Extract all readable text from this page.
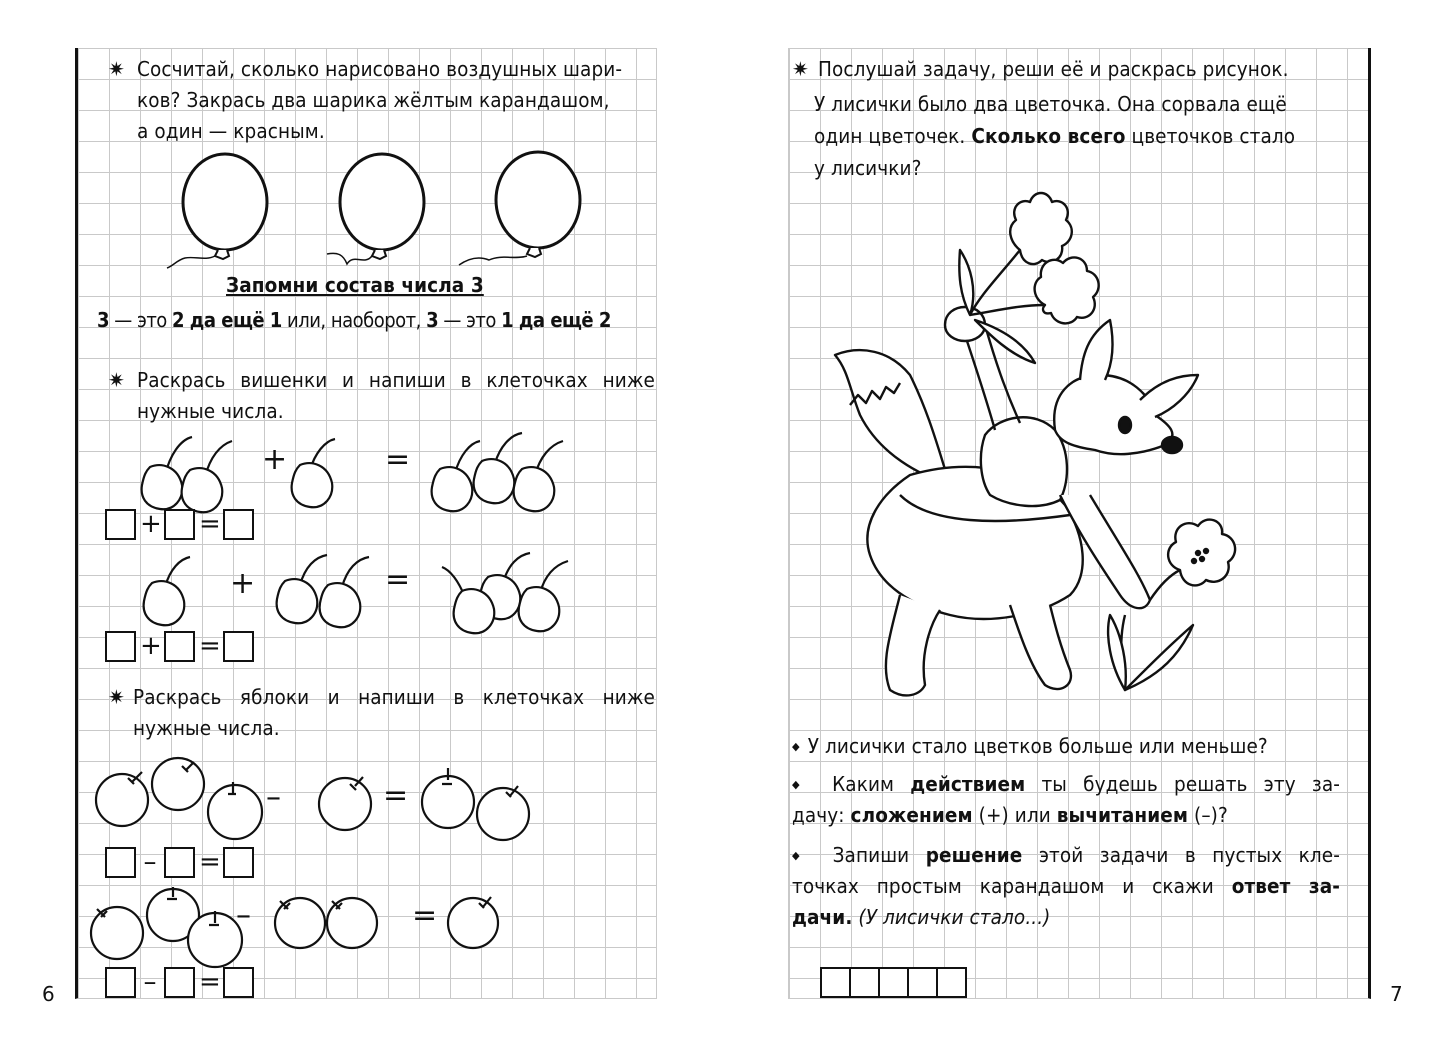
6
✷ Сосчитай, сколько нарисовано воздушных шари-
ков? Закрась два шарика жёлтым карандашом,
а один — красным.
Запомни состав числа 3
3 — это 2 да ещё 1 или, наоборот, 3 — это 1 да ещё 2
✷ Раскрась вишенки и напиши в клеточках ниже
нужные числа.
+	=
+ =
+	=
+ =
✷ Раскрась яблоки и напиши в клеточках ниже
нужные числа.
–	=
– =
–	=
– =	7
✷ Послушай задачу, реши её и раскрась рисунок.
У лисички было два цветочка. Она сорвала ещё
один цветочек. Сколько всего цветочков стало
у лисички?
◆ У лисички стало цветков больше или меньше?
◆ Каким действием ты будешь решать эту за-
дачу: сложением (+) или вычитанием (–)?
◆ Запиши решение этой задачи в пустых кле-
точках простым карандашом и скажи ответ за-
дачи. (У лисички стало...)
